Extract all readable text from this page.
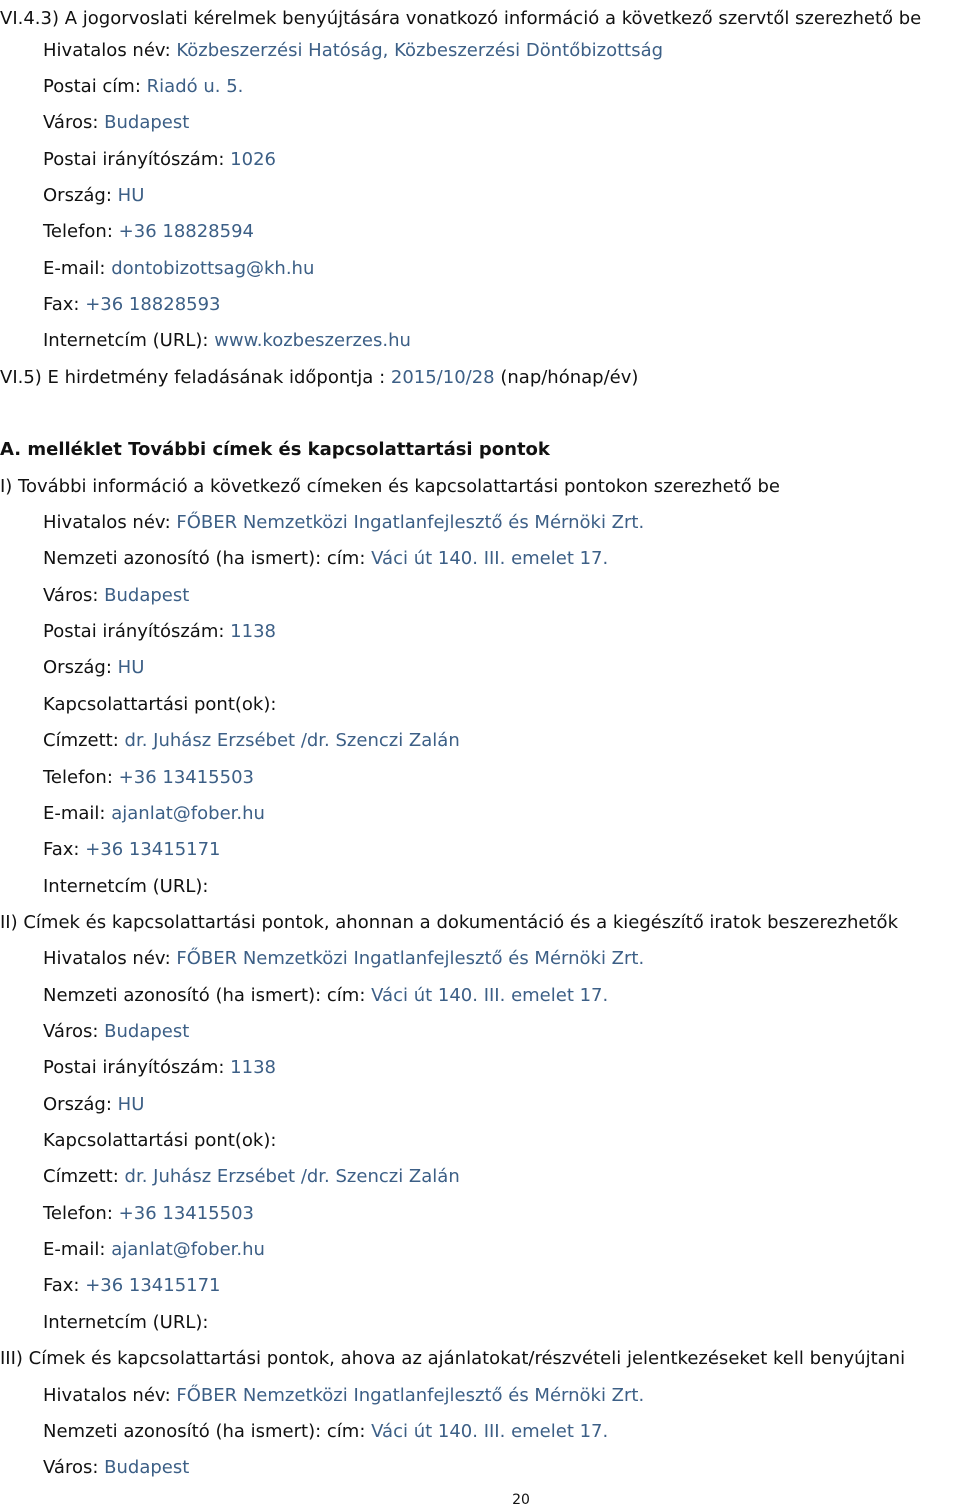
VI.4.3) A jogorvoslati kérelmek benyújtására vonatkozó információ a következő szervtől szerezhető be
Hivatalos név: Közbeszerzési Hatóság, Közbeszerzési Döntőbizottság
Postai cím: Riadó u. 5.
Város: Budapest
Postai irányítószám: 1026
Ország: HU
Telefon: +36 18828594
E-mail: dontobizottsag@kh.hu
Fax: +36 18828593
Internetcím (URL): www.kozbeszerzes.hu
VI.5) E hirdetmény feladásának időpontja : 2015/10/28 (nap/hónap/év)
A. melléklet További címek és kapcsolattartási pontok
I) További információ a következő címeken és kapcsolattartási pontokon szerezhető be
Hivatalos név: FŐBER Nemzetközi Ingatlanfejlesztő és Mérnöki Zrt.
Nemzeti azonosító (ha ismert): cím: Váci út 140. III. emelet 17.
Város: Budapest
Postai irányítószám: 1138
Ország: HU
Kapcsolattartási pont(ok):
Címzett: dr. Juhász Erzsébet /dr. Szenczi Zalán
Telefon: +36 13415503
E-mail: ajanlat@fober.hu
Fax: +36 13415171
Internetcím (URL):
II) Címek és kapcsolattartási pontok, ahonnan a dokumentáció és a kiegészítő iratok beszerezhetők
Hivatalos név: FŐBER Nemzetközi Ingatlanfejlesztő és Mérnöki Zrt.
Nemzeti azonosító (ha ismert): cím: Váci út 140. III. emelet 17.
Város: Budapest
Postai irányítószám: 1138
Ország: HU
Kapcsolattartási pont(ok):
Címzett: dr. Juhász Erzsébet /dr. Szenczi Zalán
Telefon: +36 13415503
E-mail: ajanlat@fober.hu
Fax: +36 13415171
Internetcím (URL):
III) Címek és kapcsolattartási pontok, ahova az ajánlatokat/részvételi jelentkezéseket kell benyújtani
Hivatalos név: FŐBER Nemzetközi Ingatlanfejlesztő és Mérnöki Zrt.
Nemzeti azonosító (ha ismert): cím: Váci út 140. III. emelet 17.
Város: Budapest
20
